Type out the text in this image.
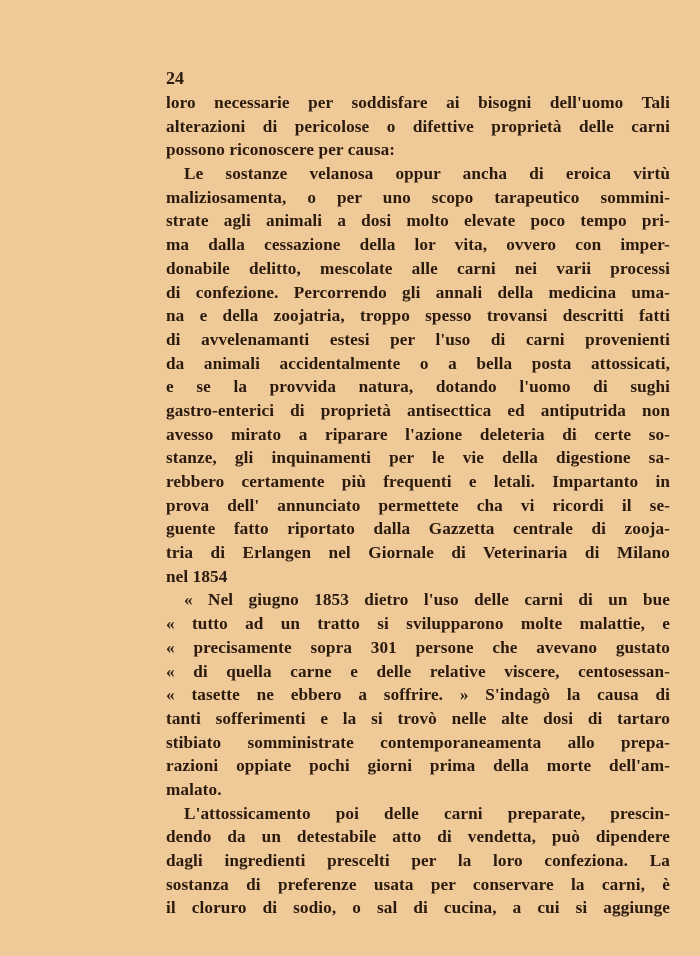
24
loro necessarie per soddisfare ai bisogni dell'uomo Tali
alterazioni di pericolose o difettive proprietà delle carni
possono riconoscere per causa:
Le sostanze velanosa oppur ancha di eroica virtù
maliziosamenta, o per uno scopo tarapeutico sommini-
strate agli animali a dosi molto elevate poco tempo pri-
ma dalla cessazione della lor vita, ovvero con imper-
donabile delitto, mescolate alle carni nei varii processi
di confezione. Percorrendo gli annali della medicina uma-
na e della zoojatria, troppo spesso trovansi descritti fatti
di avvelenamanti estesi per l'uso di carni provenienti
da animali accidentalmente o a bella posta attossicati,
e se la provvida natura, dotando l'uomo di sughi
gastro-enterici di proprietà antisecttica ed antiputrida non
avesso mirato a riparare l'azione deleteria di certe so-
stanze, gli inquinamenti per le vie della digestione sa-
rebbero certamente più frequenti e letali. Impartanto in
prova dell' annunciato permettete cha vi ricordi il se-
guente fatto riportato dalla Gazzetta centrale di zooja-
tria di Erlangen nel Giornale di Veterinaria di Milano
nel 1854
« Nel giugno 1853 dietro l'uso delle carni di un bue
« tutto ad un tratto si svilupparono molte malattie, e
« precisamente sopra 301 persone che avevano gustato
« di quella carne e delle relative viscere, centosessan-
« tasette ne ebbero a soffrire. » S'indagò la causa di
tanti sofferimenti e la si trovò nelle alte dosi di tartaro
stibiato somministrate contemporaneamenta allo prepa-
razioni oppiate pochi giorni prima della morte dell'am-
malato.
L'attossicamento poi delle carni preparate, prescin-
dendo da un detestabile atto di vendetta, può dipendere
dagli ingredienti prescelti per la loro confeziona. La
sostanza di preferenze usata per conservare la carni, è
il cloruro di sodio, o sal di cucina, a cui si aggiunge
